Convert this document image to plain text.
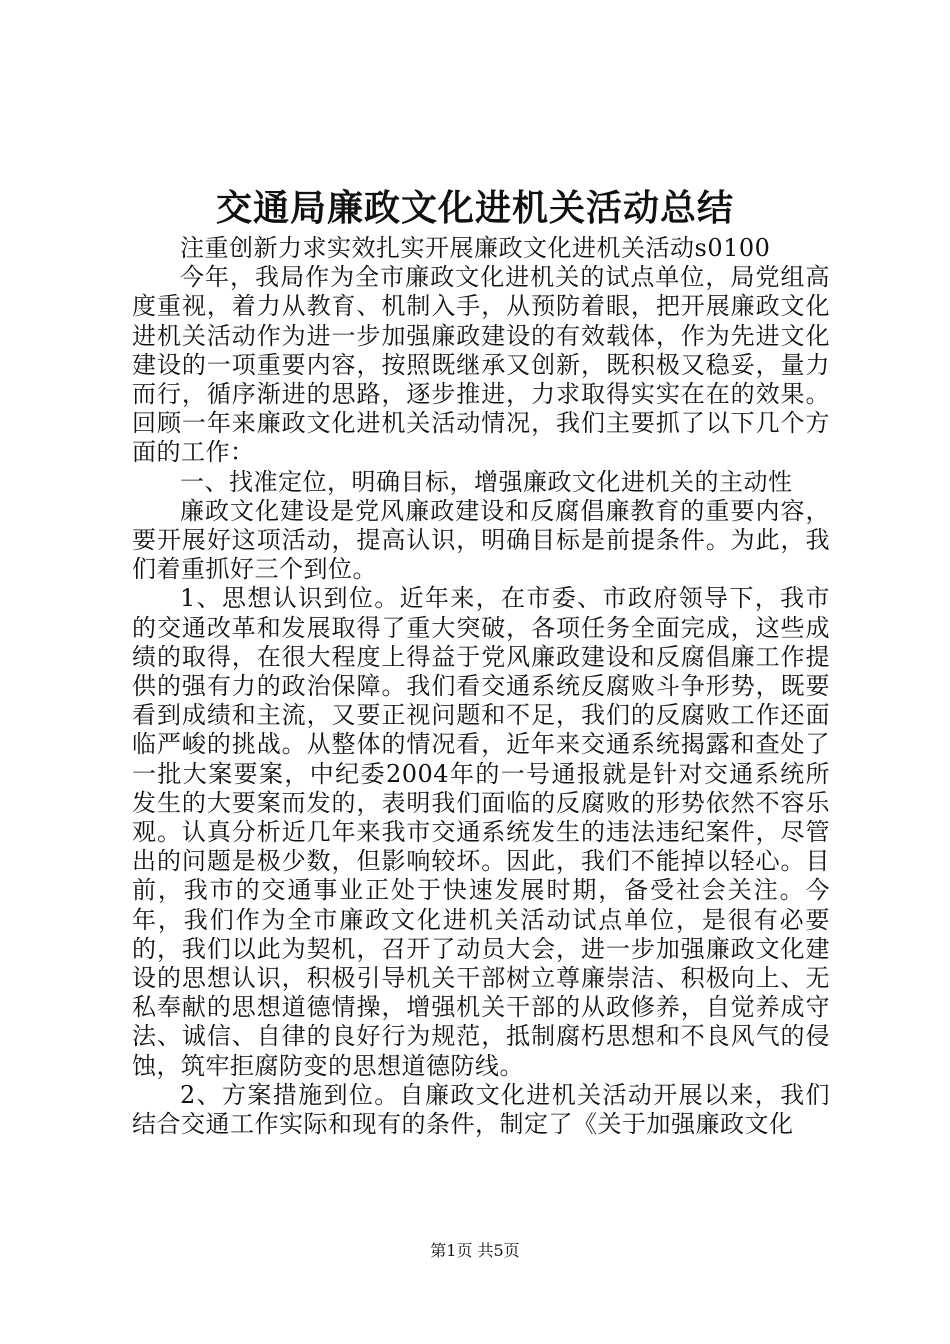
交通局廉政文化进机关活动总结

注重创新力求实效扎实开展廉政文化进机关活动s0100

今年，我局作为全市廉政文化进机关的试点单位，局党组高度重视，着力从教育、机制入手，从预防着眼，把开展廉政文化进机关活动作为进一步加强廉政建设的有效载体，作为先进文化建设的一项重要内容，按照既继承又创新，既积极又稳妥，量力而行，循序渐进的思路，逐步推进，力求取得实实在在的效果。回顾一年来廉政文化进机关活动情况，我们主要抓了以下几个方面的工作：

一、找准定位，明确目标，增强廉政文化进机关的主动性

廉政文化建设是党风廉政建设和反腐倡廉教育的重要内容，要开展好这项活动，提高认识，明确目标是前提条件。为此，我们着重抓好三个到位。

1、思想认识到位。近年来，在市委、市政府领导下，我市的交通改革和发展取得了重大突破，各项任务全面完成，这些成绩的取得，在很大程度上得益于党风廉政建设和反腐倡廉工作提供的强有力的政治保障。我们看交通系统反腐败斗争形势，既要看到成绩和主流，又要正视问题和不足，我们的反腐败工作还面临严峻的挑战。从整体的情况看，近年来交通系统揭露和查处了一批大案要案，中纪委2004年的一号通报就是针对交通系统所发生的大要案而发的，表明我们面临的反腐败的形势依然不容乐观。认真分析近几年来我市交通系统发生的违法违纪案件，尽管出的问题是极少数，但影响较坏。因此，我们不能掉以轻心。目前，我市的交通事业正处于快速发展时期，备受社会关注。今年，我们作为全市廉政文化进机关活动试点单位，是很有必要的，我们以此为契机，召开了动员大会，进一步加强廉政文化建设的思想认识，积极引导机关干部树立尊廉崇洁、积极向上、无私奉献的思想道德情操，增强机关干部的从政修养，自觉养成守法、诚信、自律的良好行为规范，抵制腐朽思想和不良风气的侵蚀，筑牢拒腐防变的思想道德防线。

2、方案措施到位。自廉政文化进机关活动开展以来，我们结合交通工作实际和现有的条件，制定了《关于加强廉政文化

第1页 共5页
